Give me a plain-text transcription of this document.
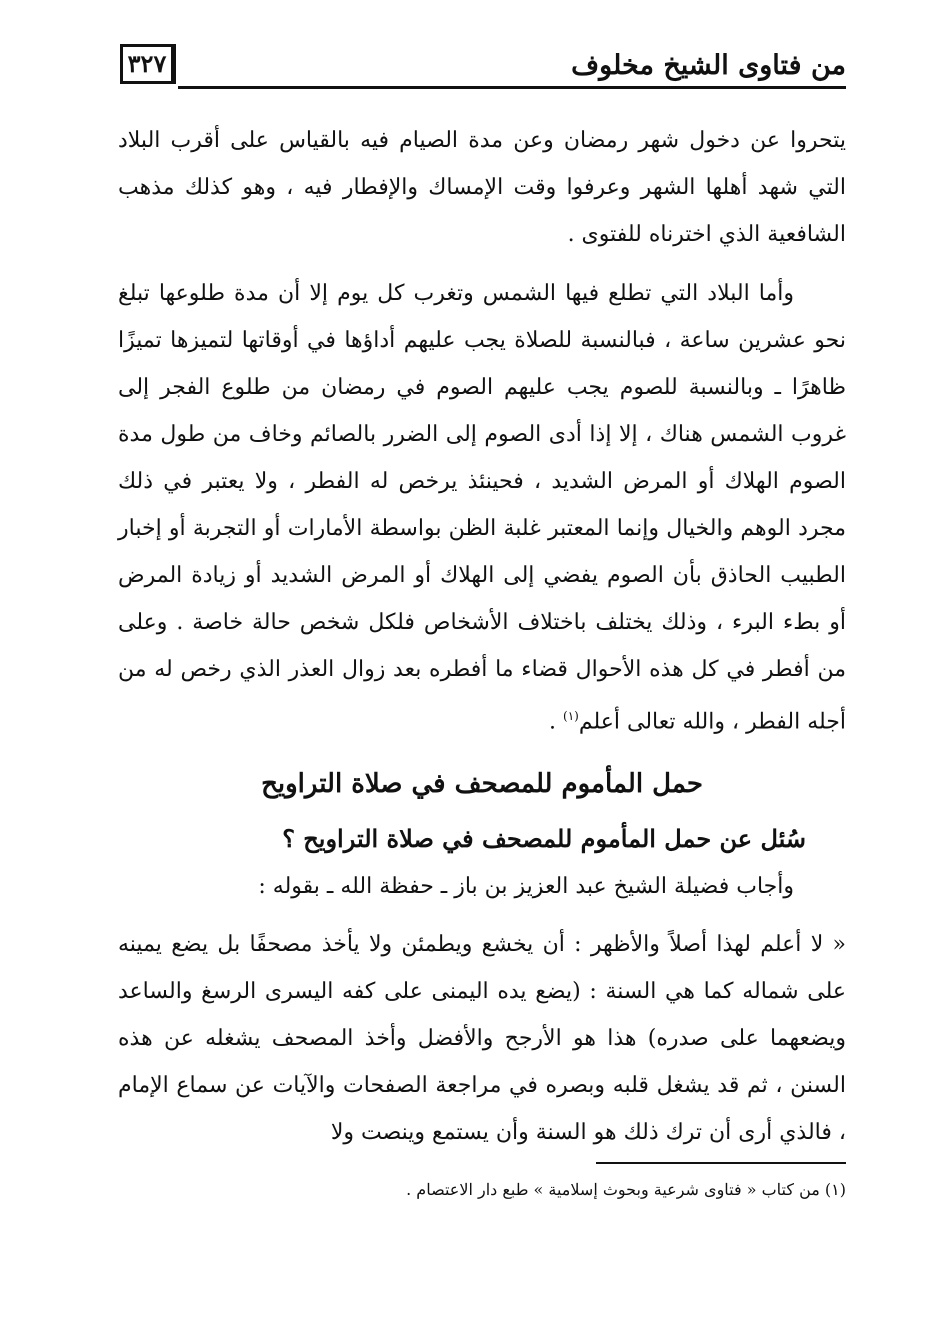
من فتاوى الشيخ مخلوف
٣٢٧

يتحروا عن دخول شهر رمضان وعن مدة الصيام فيه بالقياس على أقرب البلاد التي شهد أهلها الشهر وعرفوا وقت الإمساك والإفطار فيه ، وهو كذلك مذهب الشافعية الذي اخترناه للفتوى .

وأما البلاد التي تطلع فيها الشمس وتغرب كل يوم إلا أن مدة طلوعها تبلغ نحو عشرين ساعة ، فبالنسبة للصلاة يجب عليهم أداؤها في أوقاتها لتميزها تميزًا ظاهرًا ـ وبالنسبة للصوم يجب عليهم الصوم في رمضان من طلوع الفجر إلى غروب الشمس هناك ، إلا إذا أدى الصوم إلى الضرر بالصائم وخاف من طول مدة الصوم الهلاك أو المرض الشديد ، فحينئذ يرخص له الفطر ، ولا يعتبر في ذلك مجرد الوهم والخيال وإنما المعتبر غلبة الظن بواسطة الأمارات أو التجربة أو إخبار الطبيب الحاذق بأن الصوم يفضي إلى الهلاك أو المرض الشديد أو زيادة المرض أو بطء البرء ، وذلك يختلف باختلاف الأشخاص فلكل شخص حالة خاصة . وعلى من أفطر في كل هذه الأحوال قضاء ما أفطره بعد زوال العذر الذي رخص له من أجله الفطر ، والله تعالى أعلم$^{(١)}$ .

حمل المأموم للمصحف في صلاة التراويح

سُئل عن حمل المأموم للمصحف في صلاة التراويح ؟

وأجاب فضيلة الشيخ عبد العزيز بن باز ـ حفظة الله ـ بقوله :

« لا أعلم لهذا أصلاً والأظهر : أن يخشع ويطمئن ولا يأخذ مصحفًا بل يضع يمينه على شماله كما هي السنة : (يضع يده اليمنى على كفه اليسرى الرسغ والساعد ويضعهما على صدره) هذا هو الأرجح والأفضل وأخذ المصحف يشغله عن هذه السنن ، ثم قد يشغل قلبه وبصره في مراجعة الصفحات والآيات عن سماع الإمام ، فالذي أرى أن ترك ذلك هو السنة وأن يستمع وينصت ولا

(١) من كتاب « فتاوى شرعية وبحوث إسلامية » طبع دار الاعتصام .
